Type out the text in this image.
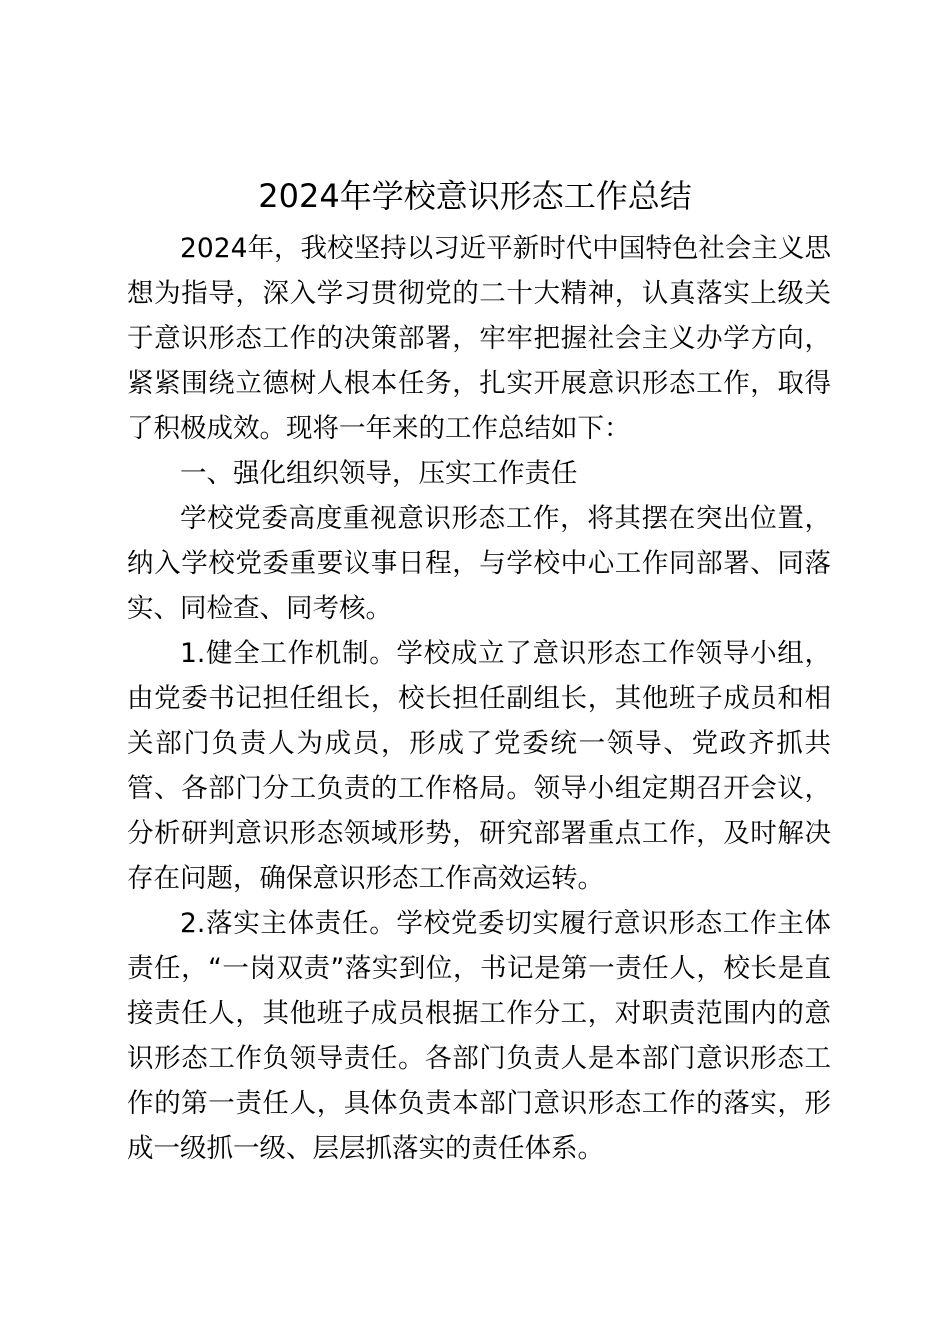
2024年学校意识形态工作总结

2024年，我校坚持以习近平新时代中国特色社会主义思想为指导，深入学习贯彻党的二十大精神，认真落实上级关于意识形态工作的决策部署，牢牢把握社会主义办学方向，紧紧围绕立德树人根本任务，扎实开展意识形态工作，取得了积极成效。现将一年来的工作总结如下：

一、强化组织领导，压实工作责任

学校党委高度重视意识形态工作，将其摆在突出位置，纳入学校党委重要议事日程，与学校中心工作同部署、同落实、同检查、同考核。

1.健全工作机制。学校成立了意识形态工作领导小组，由党委书记担任组长，校长担任副组长，其他班子成员和相关部门负责人为成员，形成了党委统一领导、党政齐抓共管、各部门分工负责的工作格局。领导小组定期召开会议，分析研判意识形态领域形势，研究部署重点工作，及时解决存在问题，确保意识形态工作高效运转。

2.落实主体责任。学校党委切实履行意识形态工作主体责任，“一岗双责”落实到位，书记是第一责任人，校长是直接责任人，其他班子成员根据工作分工，对职责范围内的意识形态工作负领导责任。各部门负责人是本部门意识形态工作的第一责任人，具体负责本部门意识形态工作的落实，形成一级抓一级、层层抓落实的责任体系。
